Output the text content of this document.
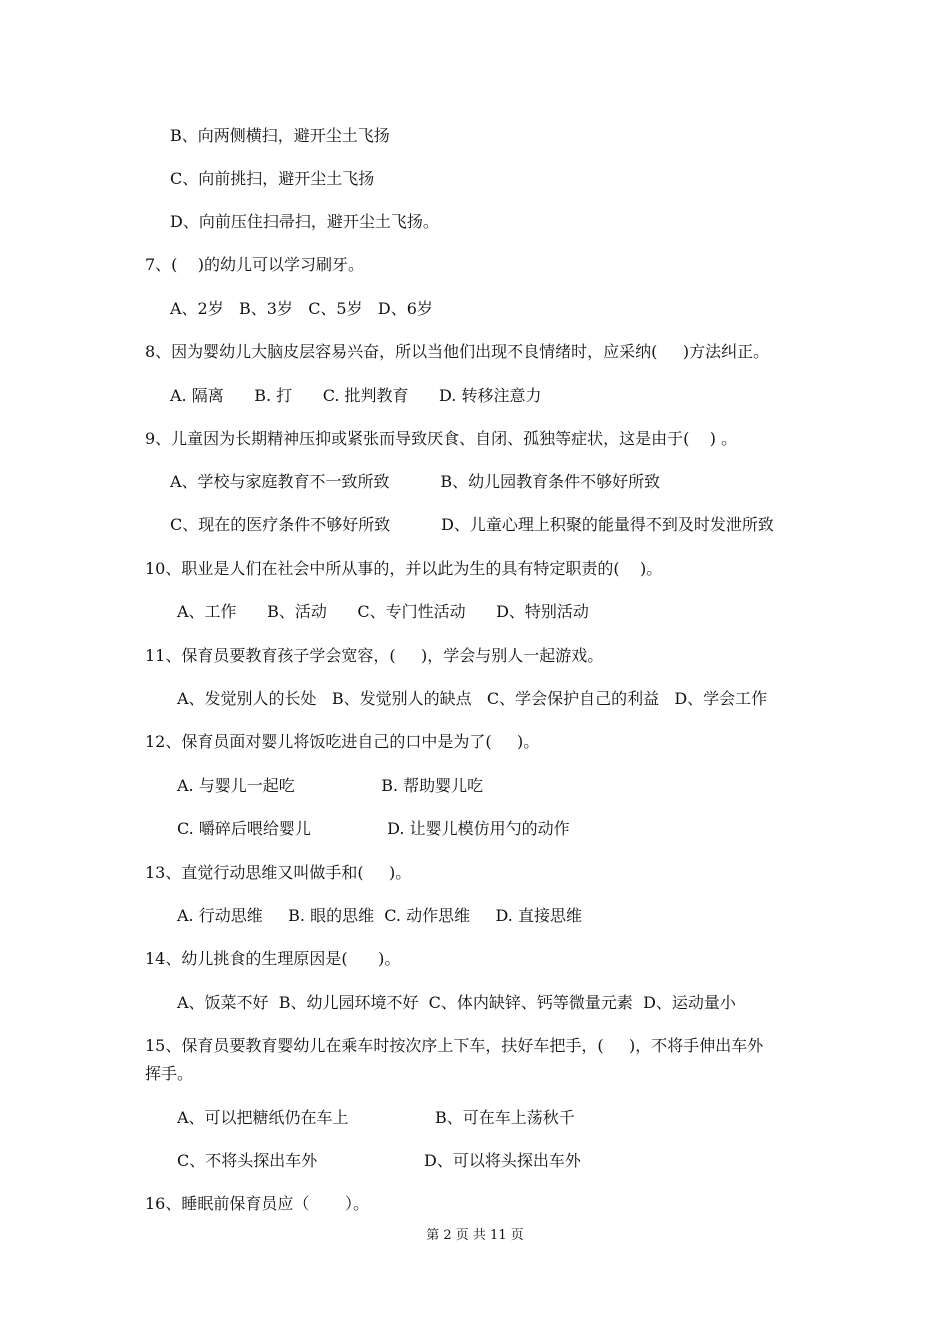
B、向两侧横扫，避开尘土飞扬
C、向前挑扫，避开尘土飞扬
D、向前压住扫帚扫，避开尘土飞扬。
7、(    )的幼儿可以学习刷牙。
A、2岁   B、3岁   C、5岁   D、6岁
8、因为婴幼儿大脑皮层容易兴奋，所以当他们出现不良情绪时，应采纳(     )方法纠正。
A. 隔离      B. 打      C. 批判教育      D. 转移注意力
9、儿童因为长期精神压抑或紧张而导致厌食、自闭、孤独等症状，这是由于(    ) 。
A、学校与家庭教育不一致所致          B、幼儿园教育条件不够好所致
C、现在的医疗条件不够好所致          D、儿童心理上积聚的能量得不到及时发泄所致
10、职业是人们在社会中所从事的，并以此为生的具有特定职责的(    )。
A、工作      B、活动      C、专门性活动      D、特别活动
11、保育员要教育孩子学会宽容，(     )，学会与别人一起游戏。
A、发觉别人的长处   B、发觉别人的缺点   C、学会保护自己的利益   D、学会工作
12、保育员面对婴儿将饭吃进自己的口中是为了(     )。
A. 与婴儿一起吃                 B. 帮助婴儿吃
C. 嚼碎后喂给婴儿               D. 让婴儿模仿用勺的动作
13、直觉行动思维又叫做手和(     )。
A. 行动思维     B. 眼的思维  C. 动作思维     D. 直接思维
14、幼儿挑食的生理原因是(      )。
A、饭菜不好  B、幼儿园环境不好  C、体内缺锌、钙等微量元素  D、运动量小
15、保育员要教育婴幼儿在乘车时按次序上下车，扶好车把手，(     )，不将手伸出车外
挥手。
A、可以把糖纸仍在车上                 B、可在车上荡秋千
C、不将头探出车外                     D、可以将头探出车外
16、睡眠前保育员应（       ）。
第 2 页 共 11 页
